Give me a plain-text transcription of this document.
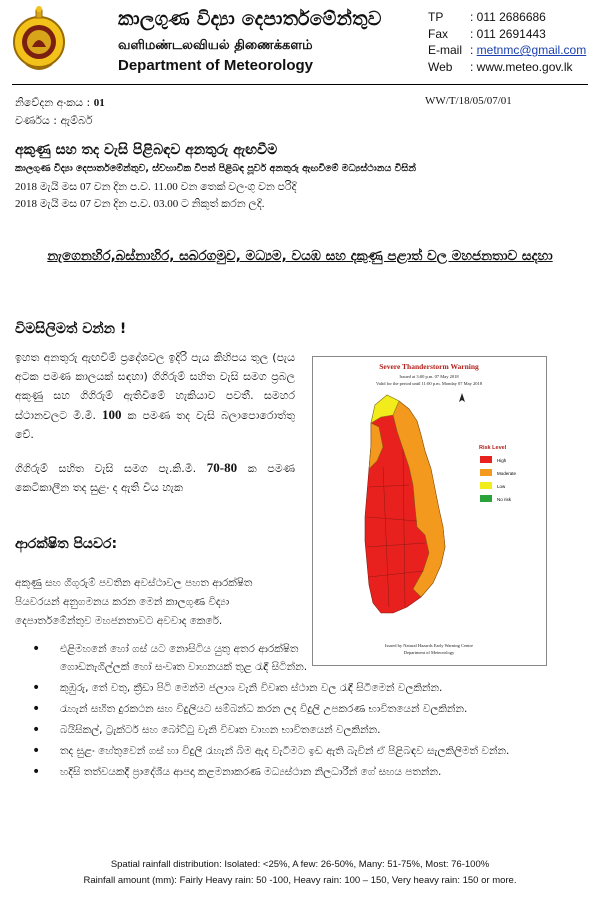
කාලගුණ විද්‍යා දෙපාර්තමේන්තුව
வளிமண்டலவியல் திணைக்களம்
Department of Meteorology
TP	: 011 2686686
Fax	: 011 2691443
E-mail : metnmc@gmail.com
Web	: www.meteo.gov.lk
නිවේදන අංකය : 01
වර්ණය : ඇම්බර්
WW/T/18/05/07/01
අකුණු සහ තද වැසි පිළිබඳව අනතුරු ඇඟවීම
කාලගුණ විද්‍යා දෙපාර්තමේන්තුව, ස්වභාවික විපත් පිළිබඳ පූර්ව අනතුරු ඇඟවීමේ මධ්‍යස්ථානය විසින්
2018 මැයි මස 07 වන දින ප.ව. 11.00 වන තෙක් වලංගු වන පරිදි
2018 මැයි මස 07 වන දින ප.ව. 03.00 ට නිකුත් කරන ලදි.
නැගෙනහිර,බස්නාහිර, සබරගමුව, මධ්‍යම, වයඹ සහ දකුණු පළාත් වල මහජනතාව සදහා
විමසිලිමත් වන්න !
ඉහත අනතුරු ඇඟවීම් ප්‍රදේශවල ඉදිරි පැය කිහිපය තුල (පැය අටක පමණ කාලයක් සඳහා) ගිගිරුම් සහිත වැසි සමග ප්‍රබල අකුණු සහ ගිගිරුම් ඇතිවීමේ හැකියාව පවතී. සමහර ස්ථානවලට මි.මී. 100 ක පමණ තද වැසි බලාපොරොත්තු වේ.
ගිගිරුම් සහිත වැසි සමග පැ.කි.මී. 70-80 ක පමණ කෙටිකාලීන තද සුළං ද ඇති විය හැක
ආරක්ෂිත පියවර:
අකුණු සහ ගිගුරුම් පවතින අවස්ථාවල පහත ආරක්ෂිත පියවරයන් අනුගමනය කරන මෙන් කාලගුණ විද්‍යා දෙපාර්තමේන්තුව මහජනතාවට අවවාද කෙරේ.
• එළිමහනේ හෝ ගස් යට නොසිටිය යුතු අතර ආරක්ෂිත ගොඩනැගිල්ලක් හෝ සංවෘත වාහනයක් තුළ රැඳී සිටින්න.
• කුඹුරු, තේ වතු, ක්‍රීඩා පිටි මෙන්ම ජලාශ වැනි විවෘත ස්ථාන වල රැඳී සිටීමෙන් වලකින්න.
• රැහැන් සහිත දුරකථන සහ විදුලියට සම්බන්ධ කරන ලද විදුලි උපකරණ භාවිතයෙන් වලකින්න.
• බයිසිකල්, ට්‍රැක්ටර් සහ බෝට්ටු වැනි විවෘත වාහන භාවිතයෙන් වලකින්න.
• තද සුළං හේතුවෙන් ගස් හා විදුලි රැහැන් බිම ඇද වැටීමට ඉඩ ඇති බැවින් ඒ පිළිබඳව සැලකිලිමත් වන්න.
• හදිසි තත්වයකදී ප්‍රාදේශීය ආපදා කළමනාකරණ මධ්‍යස්ථාන නිලධාරීන් ගේ සහය පතන්න.
Severe Thanderstorm Warning
Issued at 3:00 p.m. 07 May 2018
Valid for the period until 11:00 p.m. Monday 07 May 2018
Risk Level
High
Moderate
Low
No risk
Issued by Natural Hazards Early Warning Centre
Department of Meteorology
Spatial rainfall distribution: Isolated: <25%, A few: 26-50%, Many: 51-75%, Most: 76-100%
Rainfall amount (mm): Fairly Heavy rain: 50 -100, Heavy rain: 100 – 150, Very heavy rain: 150 or more.
